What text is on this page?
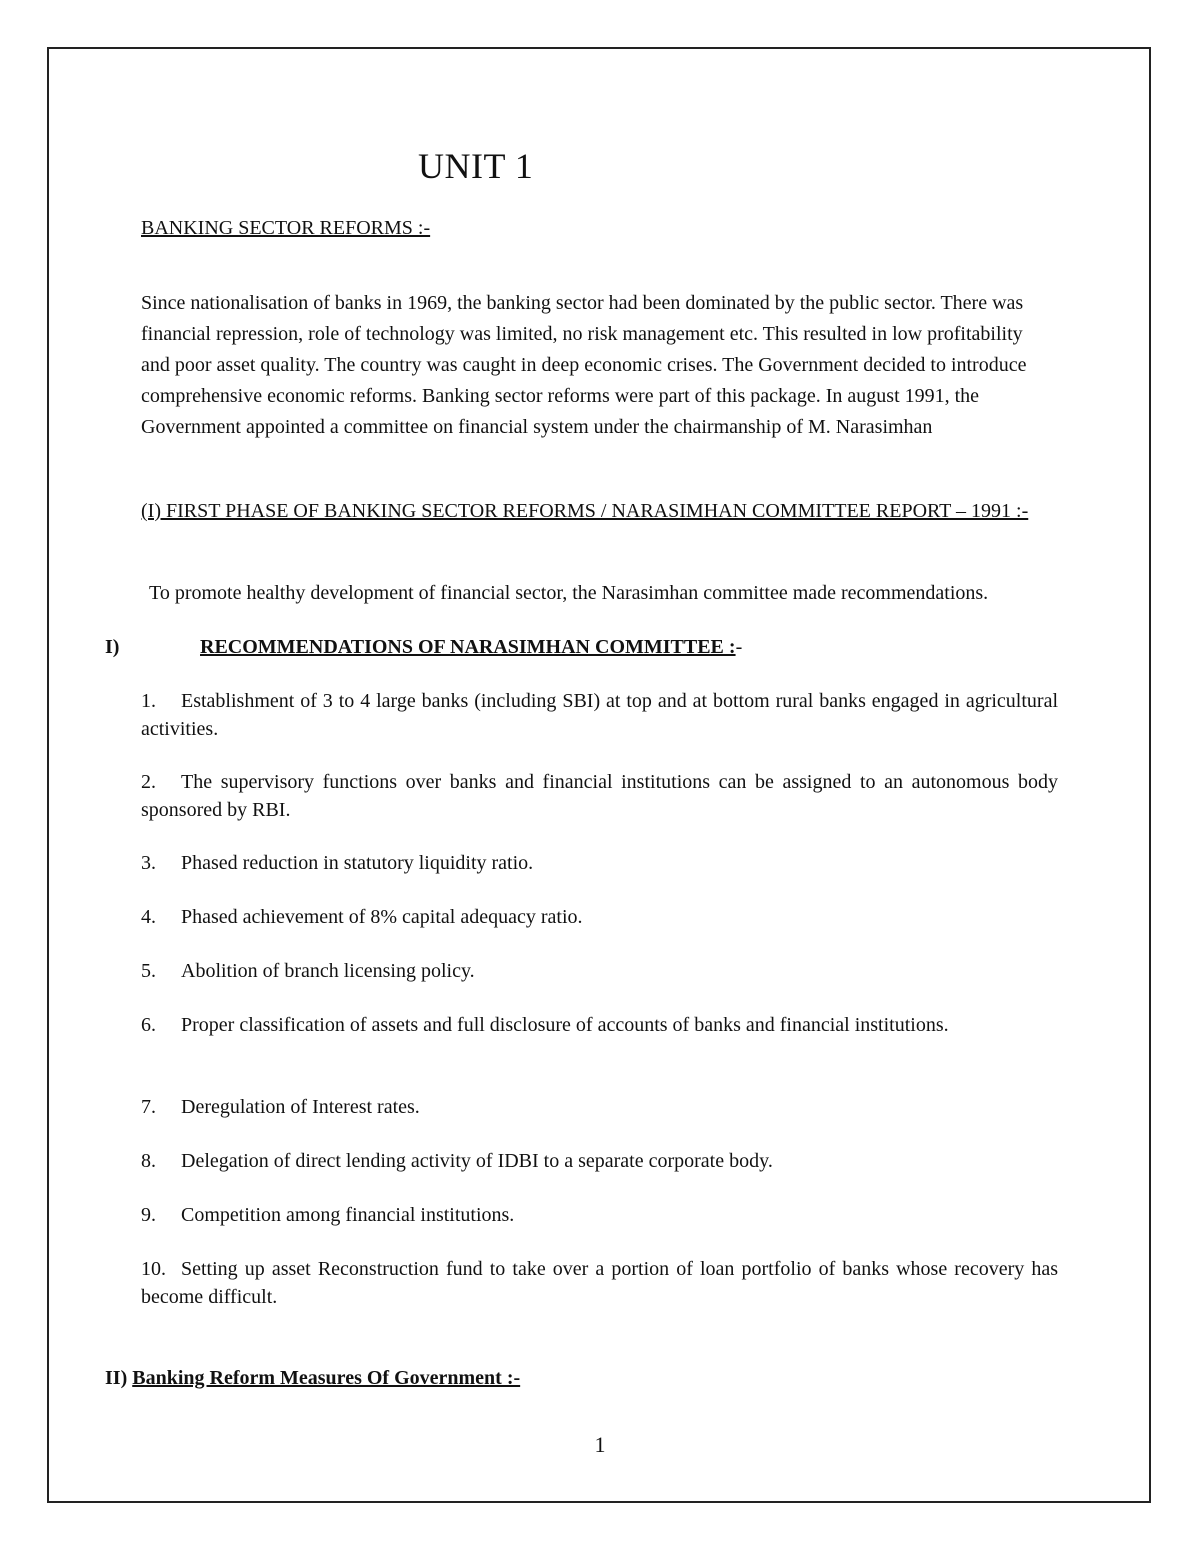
UNIT 1
BANKING SECTOR REFORMS :-

Since nationalisation of banks in 1969, the banking sector had been dominated by the public sector. There was financial repression, role of technology was limited, no risk management etc. This resulted in low profitability and poor asset quality. The country was caught in deep economic crises. The Government decided to introduce comprehensive economic reforms. Banking sector reforms were part of this package. In august 1991, the Government appointed a committee on financial system under the chairmanship of M. Narasimhan

(I) FIRST PHASE OF BANKING SECTOR REFORMS / NARASIMHAN COMMITTEE REPORT – 1991 :-

To promote healthy development of financial sector, the Narasimhan committee made recommendations.

I)	RECOMMENDATIONS OF NARASIMHAN COMMITTEE :-
1. Establishment of 3 to 4 large banks (including SBI) at top and at bottom rural banks engaged in agricultural activities.
2. The supervisory functions over banks and financial institutions can be assigned to an autonomous body sponsored by RBI.
3. Phased reduction in statutory liquidity ratio.
4. Phased achievement of 8% capital adequacy ratio.
5. Abolition of branch licensing policy.
6. Proper classification of assets and full disclosure of accounts of banks and financial institutions.
7. Deregulation of Interest rates.
8. Delegation of direct lending activity of IDBI to a separate corporate body.
9. Competition among financial institutions.
10. Setting up asset Reconstruction fund to take over a portion of loan portfolio of banks whose recovery has become difficult.
II) Banking Reform Measures Of Government :-
1
